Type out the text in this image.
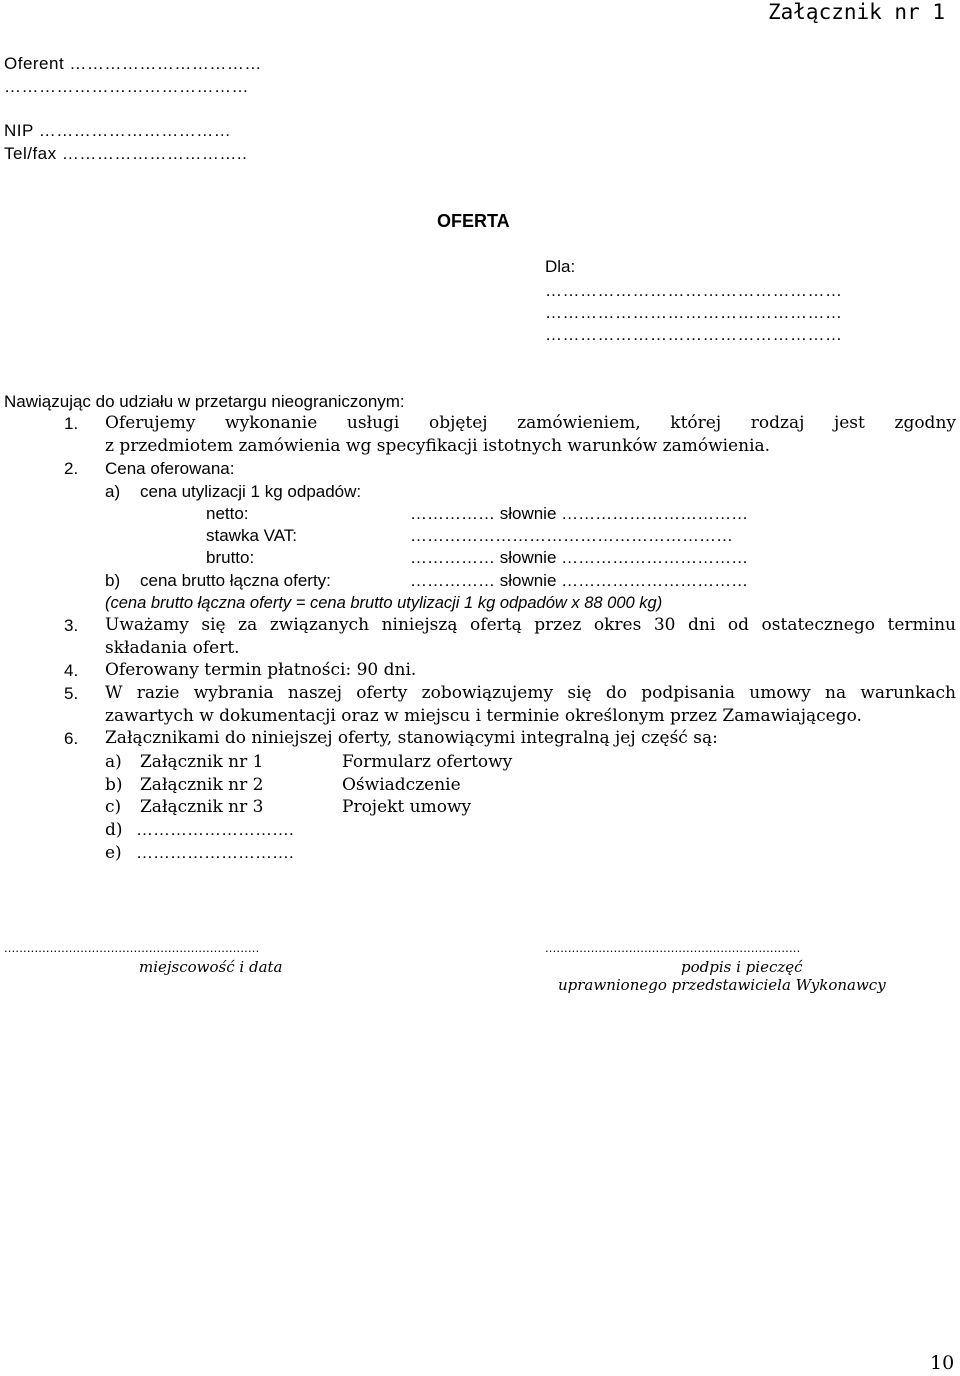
Załącznik nr 1
Oferent ……………………………
……………………………………
NIP ……………………………
Tel/fax …………………………..
OFERTA
Dla:
……………………………………………
……………………………………………
……………………………………………
Nawiązując do udziału w przetargu nieograniczonym:
1. Oferujemy wykonanie usługi objętej zamówieniem, której rodzaj jest zgodny
z przedmiotem zamówienia wg specyfikacji istotnych warunków zamówienia.
2. Cena oferowana:
a) cena utylizacji 1 kg odpadów:
netto:	…………… słownie ……………………………
stawka VAT:	…………………………………………………
brutto:	…………… słownie ……………………………
b) cena brutto łączna oferty:	…………… słownie ……………………………
(cena brutto łączna oferty = cena brutto utylizacji 1 kg odpadów x 88 000 kg)
3. Uważamy się za związanych niniejszą ofertą przez okres 30 dni od ostatecznego terminu
składania ofert.
4. Oferowany termin płatności: 90 dni.
5. W razie wybrania naszej oferty zobowiązujemy się do podpisania umowy na warunkach
zawartych w dokumentacji oraz w miejscu i terminie określonym przez Zamawiającego.
6. Załącznikami do niniejszej oferty, stanowiącymi integralną jej część są:
a) Załącznik nr 1	Formularz ofertowy
b) Załącznik nr 2	Oświadczenie
c) Załącznik nr 3	Projekt umowy
d) ……………………….
e) ……………………….
...................................................................
miejscowość i data
...................................................................
podpis i pieczęć
uprawnionego przedstawiciela Wykonawcy
10
